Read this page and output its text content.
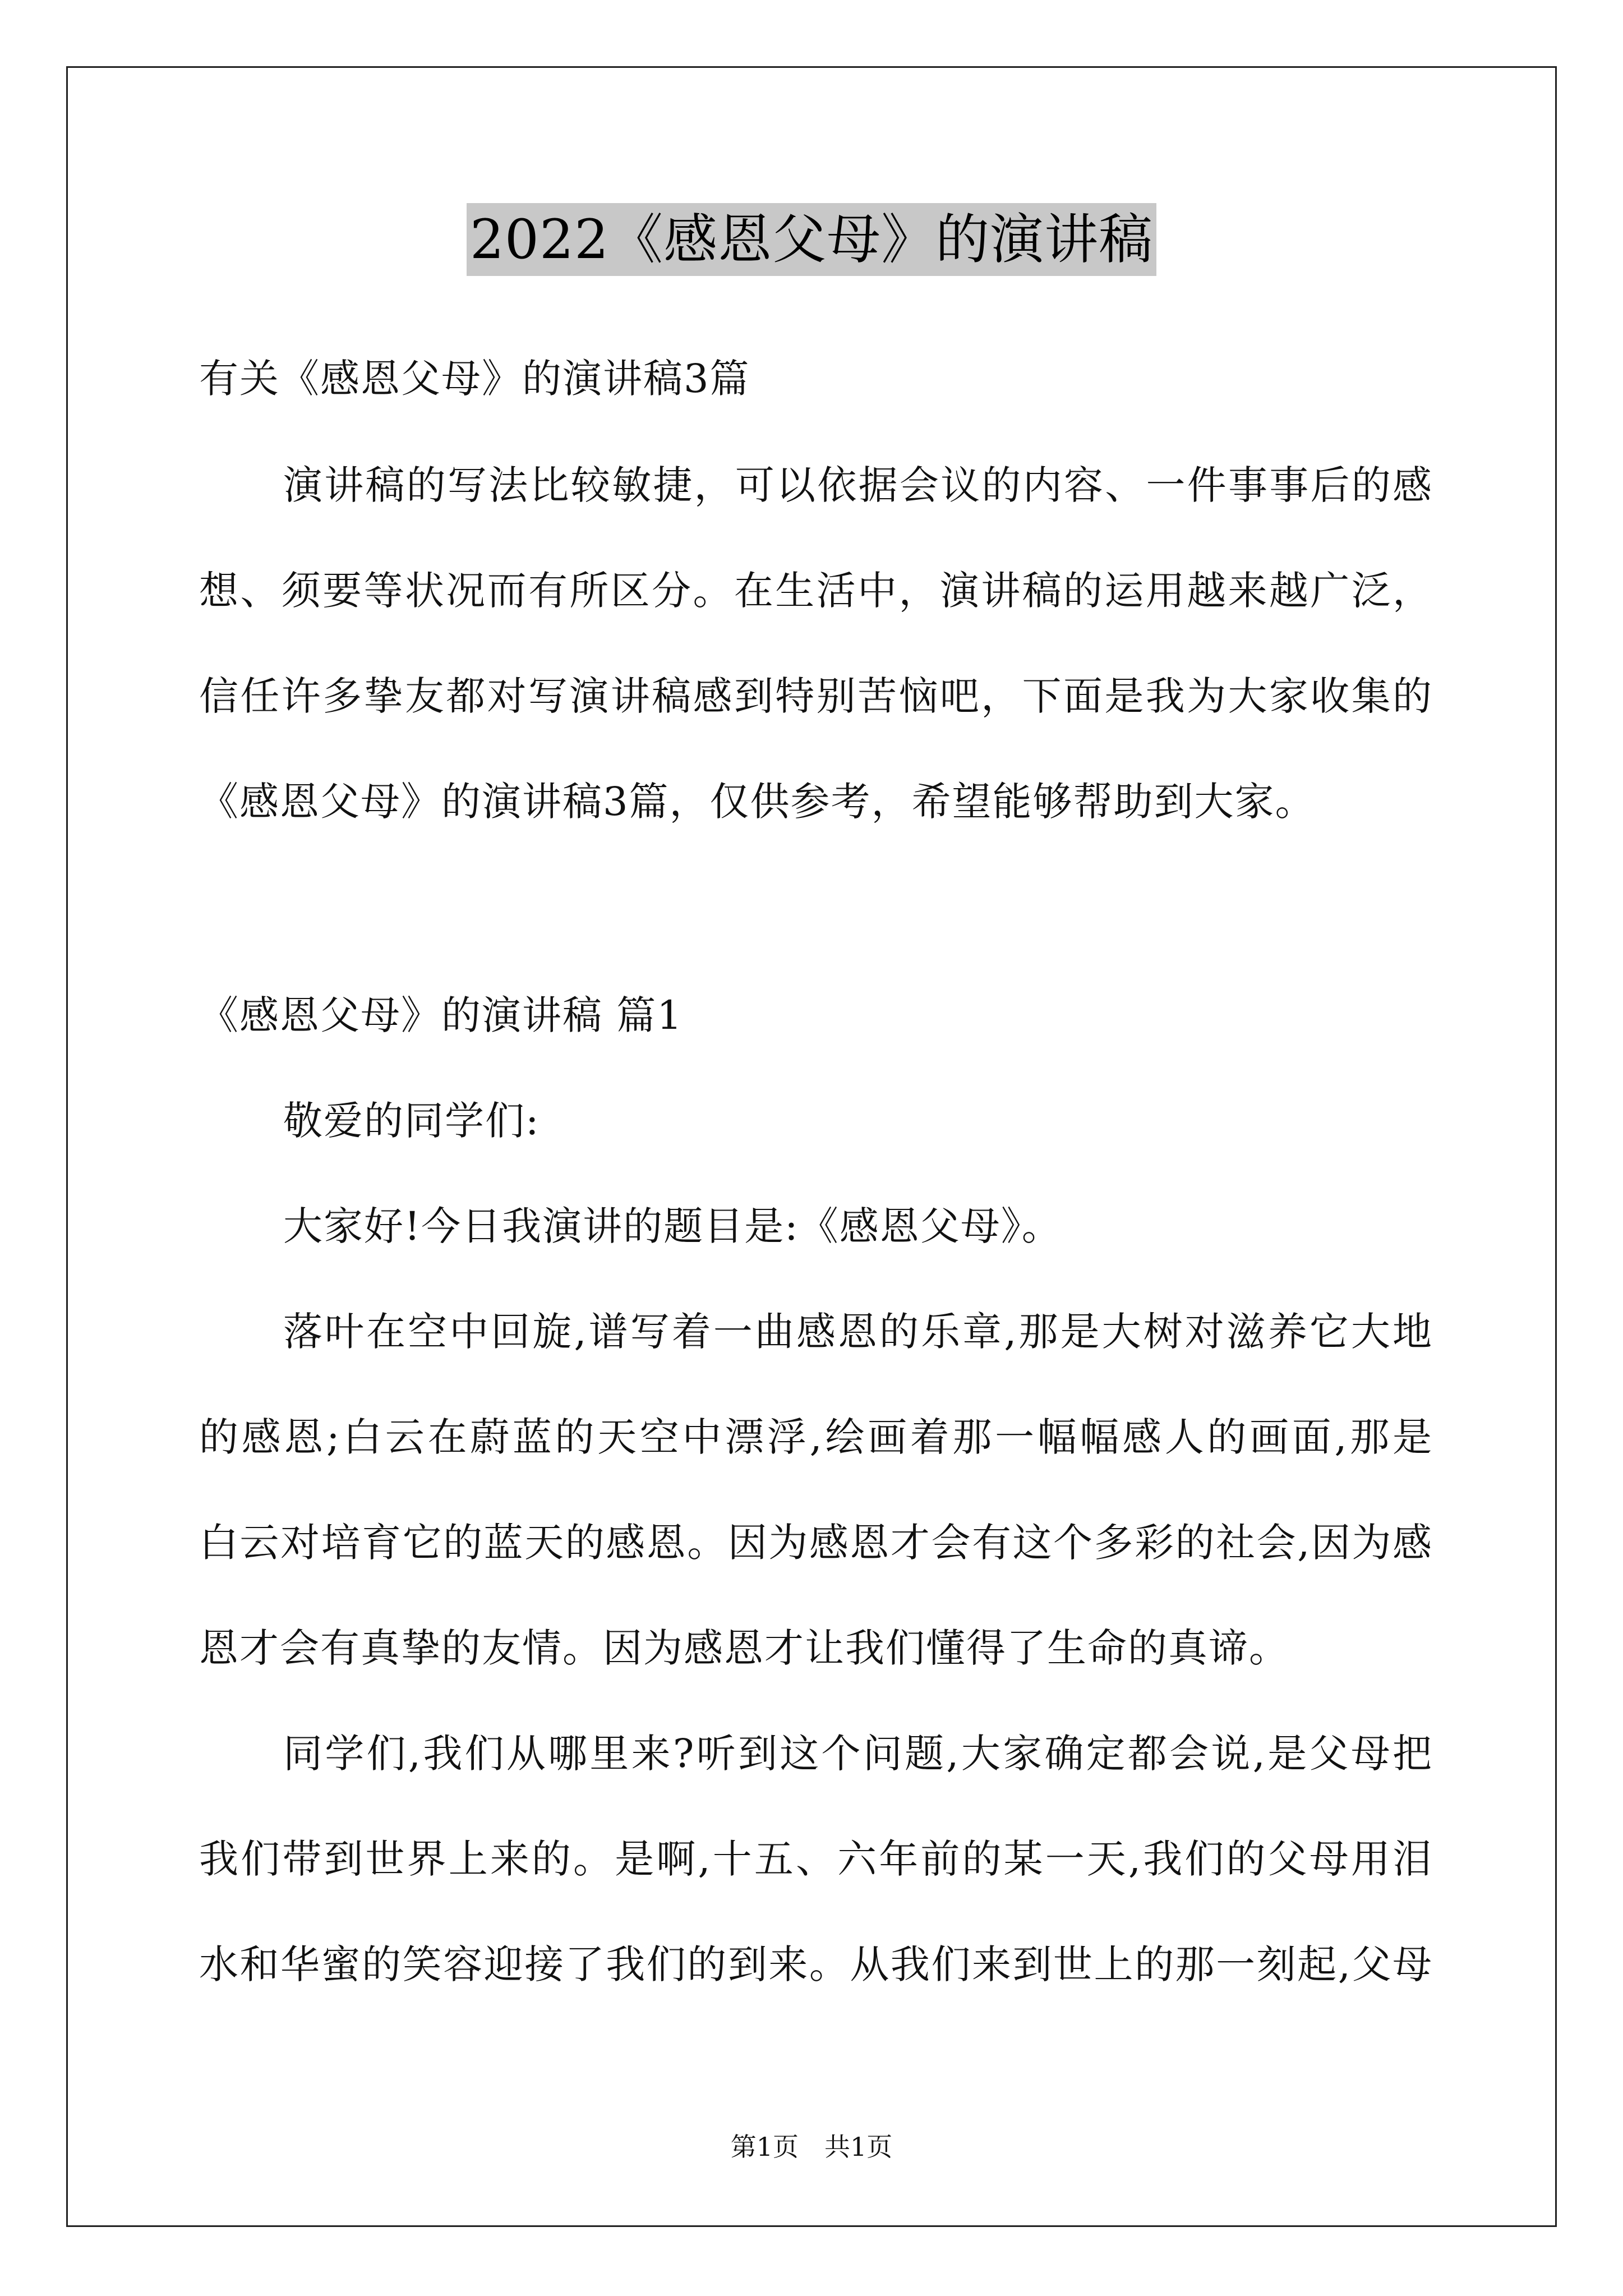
2022《感恩父母》的演讲稿
有关《感恩父母》的演讲稿3篇
演讲稿的写法比较敏捷，可以依据会议的内容、一件事事后的感
想、须要等状况而有所区分。在生活中，演讲稿的运用越来越广泛，
信任许多挚友都对写演讲稿感到特别苦恼吧，下面是我为大家收集的
《感恩父母》的演讲稿3篇，仅供参考，希望能够帮助到大家。
《感恩父母》的演讲稿 篇1
敬爱的同学们:
大家好!今日我演讲的题目是:《感恩父母》。
落叶在空中回旋,谱写着一曲感恩的乐章,那是大树对滋养它大地
的感恩;白云在蔚蓝的天空中漂浮,绘画着那一幅幅感人的画面,那是
白云对培育它的蓝天的感恩。因为感恩才会有这个多彩的社会,因为感
恩才会有真挚的友情。因为感恩才让我们懂得了生命的真谛。
同学们,我们从哪里来?听到这个问题,大家确定都会说,是父母把
我们带到世界上来的。是啊,十五、六年前的某一天,我们的父母用泪
水和华蜜的笑容迎接了我们的到来。从我们来到世上的那一刻起,父母
第1页　共1页
